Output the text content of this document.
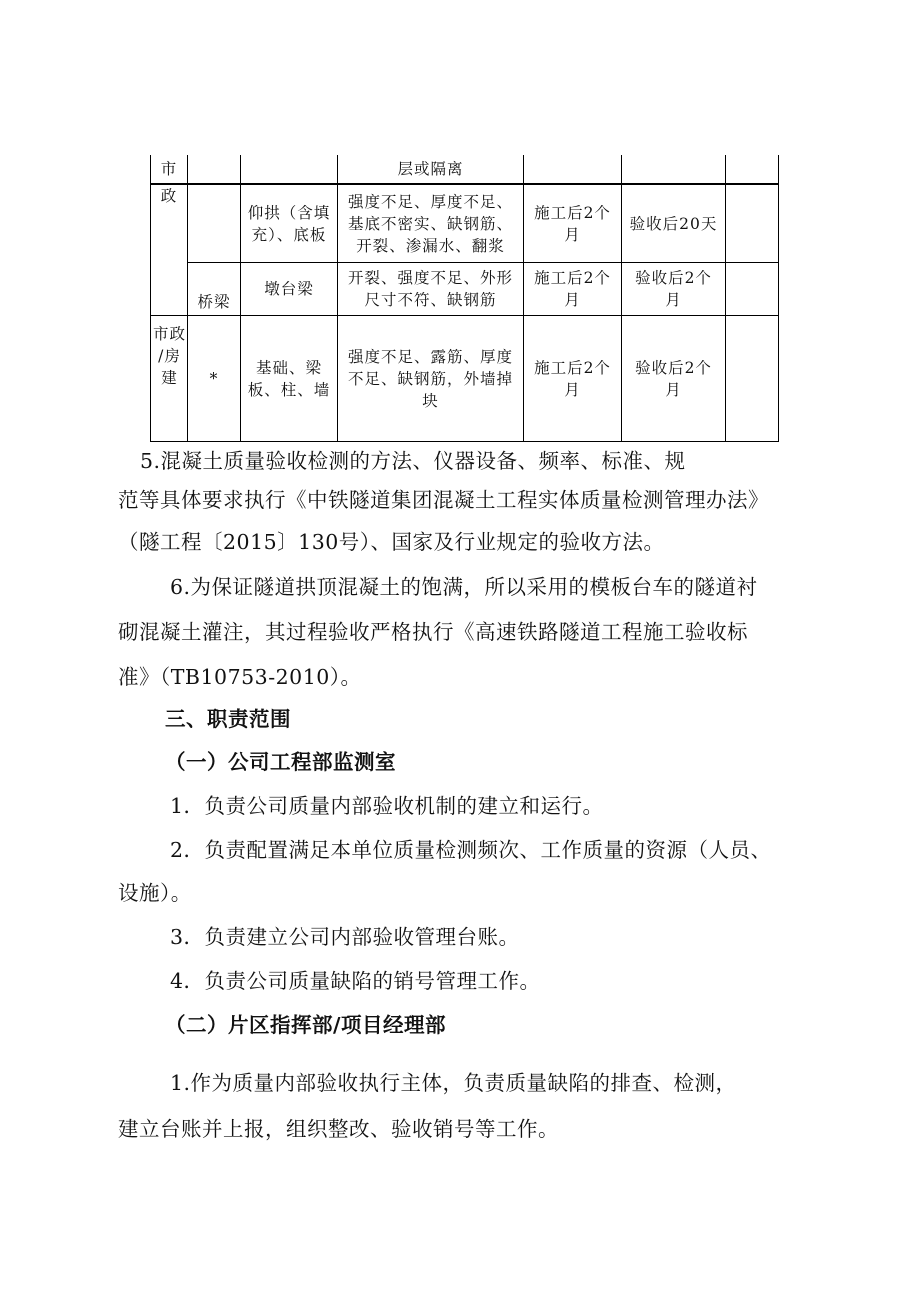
市	层或隔离
政
仰拱（含填
充）、底板
强度不足、厚度不足、
基底不密实、缺钢筋、
开裂、渗漏水、翻浆
施工后2个
月
验收后20天
桥梁
墩台梁
开裂、强度不足、外形
尺寸不符、缺钢筋
施工后2个
月
验收后2个
月
市政
/房
建	*
基础、梁
板、柱、墙
强度不足、露筋、厚度
不足、缺钢筋，外墙掉
块
施工后2个
月
验收后2个
月
5.混凝土质量验收检测的方法、仪器设备、频率、标准、规
范等具体要求执行《中铁隧道集团混凝土工程实体质量检测管理办法》
（隧工程〔2015〕130号）、国家及行业规定的验收方法。
6.为保证隧道拱顶混凝土的饱满，所以采用的模板台车的隧道衬
砌混凝土灌注，其过程验收严格执行《高速铁路隧道工程施工验收标
准》（TB10753-2010）。
三、职责范围
（一）公司工程部监测室
1．负责公司质量内部验收机制的建立和运行。
2．负责配置满足本单位质量检测频次、工作质量的资源（人员、
设施）。
3．负责建立公司内部验收管理台账。
4．负责公司质量缺陷的销号管理工作。
（二）片区指挥部/项目经理部
1.作为质量内部验收执行主体，负责质量缺陷的排查、检测，
建立台账并上报，组织整改、验收销号等工作。
